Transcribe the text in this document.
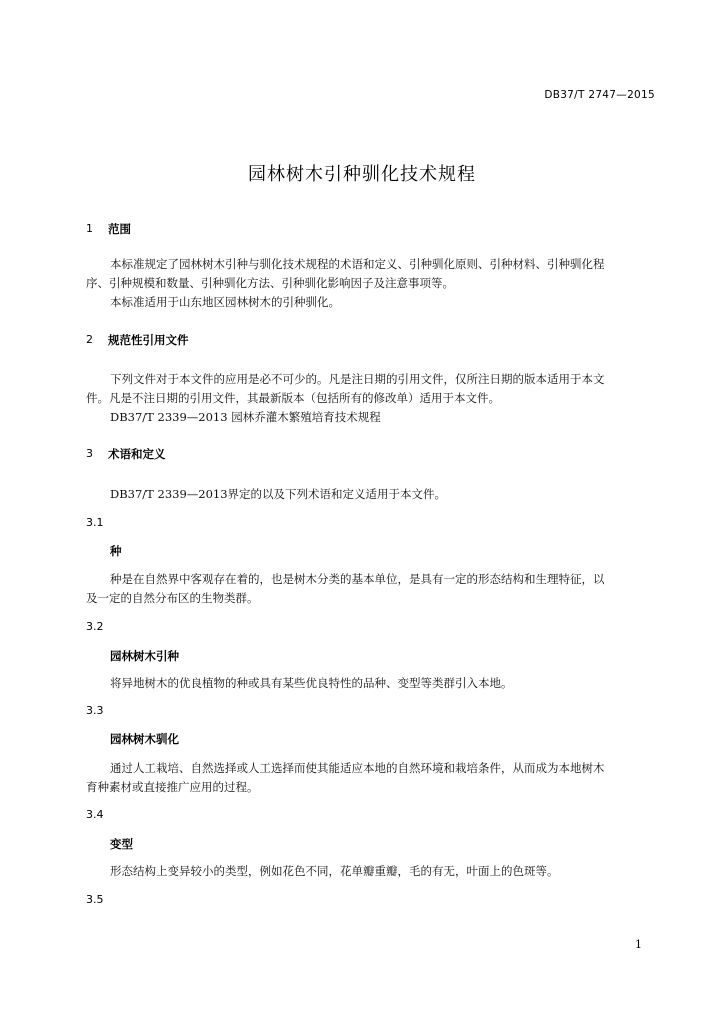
DB37/T 2747—2015
园林树木引种驯化技术规程
1 范围
本标准规定了园林树木引种与驯化技术规程的术语和定义、引种驯化原则、引种材料、引种驯化程
序、引种规模和数量、引种驯化方法、引种驯化影响因子及注意事项等。
本标准适用于山东地区园林树木的引种驯化。
2 规范性引用文件
下列文件对于本文件的应用是必不可少的。凡是注日期的引用文件，仅所注日期的版本适用于本文
件。凡是不注日期的引用文件，其最新版本（包括所有的修改单）适用于本文件。
DB37/T 2339—2013 园林乔灌木繁殖培育技术规程
3 术语和定义
DB37/T 2339—2013界定的以及下列术语和定义适用于本文件。
3.1
种
种是在自然界中客观存在着的，也是树木分类的基本单位，是具有一定的形态结构和生理特征，以
及一定的自然分布区的生物类群。
3.2
园林树木引种
将异地树木的优良植物的种或具有某些优良特性的品种、变型等类群引入本地。
3.3
园林树木驯化
通过人工栽培、自然选择或人工选择而使其能适应本地的自然环境和栽培条件，从而成为本地树木
育种素材或直接推广应用的过程。
3.4
变型
形态结构上变异较小的类型，例如花色不同，花单瓣重瓣，毛的有无，叶面上的色斑等。
3.5
1
